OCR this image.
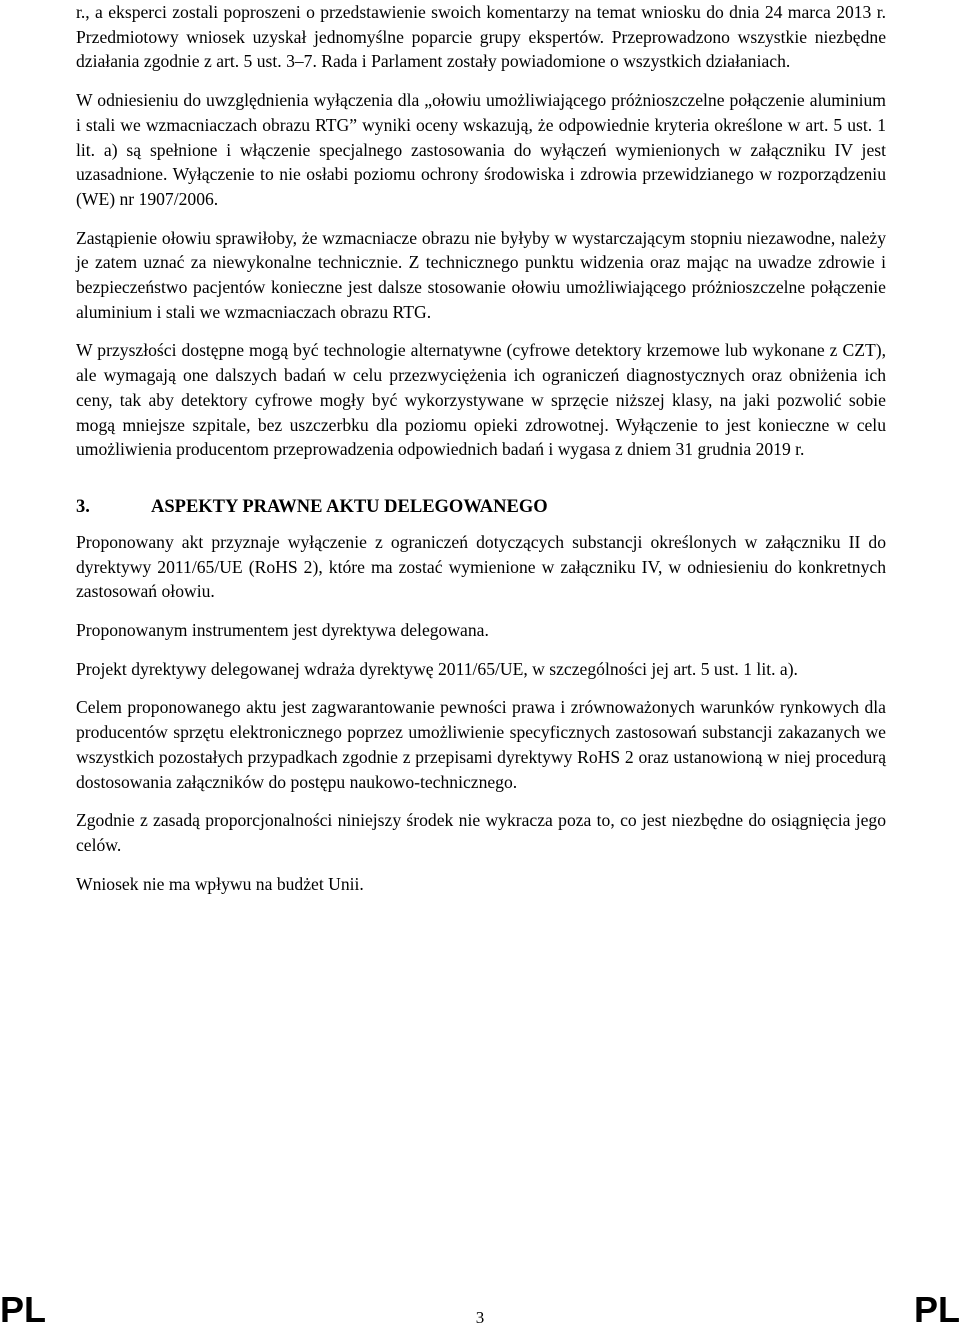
r., a eksperci zostali poproszeni o przedstawienie swoich komentarzy na temat wniosku do dnia 24 marca 2013 r. Przedmiotowy wniosek uzyskał jednomyślne poparcie grupy ekspertów. Przeprowadzono wszystkie niezbędne działania zgodnie z art. 5 ust. 3–7. Rada i Parlament zostały powiadomione o wszystkich działaniach.

W odniesieniu do uwzględnienia wyłączenia dla „ołowiu umożliwiającego próżnioszczelne połączenie aluminium i stali we wzmacniaczach obrazu RTG” wyniki oceny wskazują, że odpowiednie kryteria określone w art. 5 ust. 1 lit. a) są spełnione i włączenie specjalnego zastosowania do wyłączeń wymienionych w załączniku IV jest uzasadnione. Wyłączenie to nie osłabi poziomu ochrony środowiska i zdrowia przewidzianego w rozporządzeniu (WE) nr 1907/2006.

Zastąpienie ołowiu sprawiłoby, że wzmacniacze obrazu nie byłyby w wystarczającym stopniu niezawodne, należy je zatem uznać za niewykonalne technicznie. Z technicznego punktu widzenia oraz mając na uwadze zdrowie i bezpieczeństwo pacjentów konieczne jest dalsze stosowanie ołowiu umożliwiającego próżnioszczelne połączenie aluminium i stali we wzmacniaczach obrazu RTG.

W przyszłości dostępne mogą być technologie alternatywne (cyfrowe detektory krzemowe lub wykonane z CZT), ale wymagają one dalszych badań w celu przezwyciężenia ich ograniczeń diagnostycznych oraz obniżenia ich ceny, tak aby detektory cyfrowe mogły być wykorzystywane w sprzęcie niższej klasy, na jaki pozwolić sobie mogą mniejsze szpitale, bez uszczerbku dla poziomu opieki zdrowotnej. Wyłączenie to jest konieczne w celu umożliwienia producentom przeprowadzenia odpowiednich badań i wygasa z dniem 31 grudnia 2019 r.

3.	ASPEKTY PRAWNE AKTU DELEGOWANEGO

Proponowany akt przyznaje wyłączenie z ograniczeń dotyczących substancji określonych w załączniku II do dyrektywy 2011/65/UE (RoHS 2), które ma zostać wymienione w załączniku IV, w odniesieniu do konkretnych zastosowań ołowiu.

Proponowanym instrumentem jest dyrektywa delegowana.

Projekt dyrektywy delegowanej wdraża dyrektywę 2011/65/UE, w szczególności jej art. 5 ust. 1 lit. a).

Celem proponowanego aktu jest zagwarantowanie pewności prawa i zrównoważonych warunków rynkowych dla producentów sprzętu elektronicznego poprzez umożliwienie specyficznych zastosowań substancji zakazanych we wszystkich pozostałych przypadkach zgodnie z przepisami dyrektywy RoHS 2 oraz ustanowioną w niej procedurą dostosowania załączników do postępu naukowo-technicznego.

Zgodnie z zasadą proporcjonalności niniejszy środek nie wykracza poza to, co jest niezbędne do osiągnięcia jego celów.

Wniosek nie ma wpływu na budżet Unii.

PL	3	PL
